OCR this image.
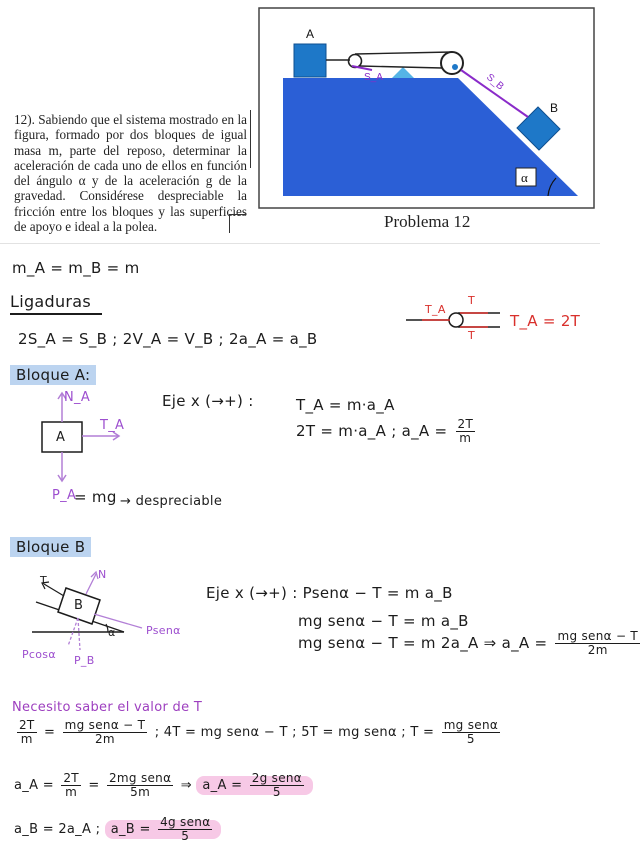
12). Sabiendo que el sistema mostrado en la figura, formado por dos bloques de igual masa m, parte del reposo, determinar la aceleración de cada uno de ellos en función del ángulo α y de la aceleración g de la gravedad. Considérese despreciable la fricción entre los bloques y las superficies de apoyo e ideal a la polea.
A
B
S_A	S_B
α
Problema 12
m_A = m_B = m
Ligaduras
2S_A = S_B ; 2V_A = V_B ; 2a_A = a_B
T_A
T
T
T_A = 2T
Bloque A:
A
N_A
T_A
P_A
= mg → despreciable
Eje x (→+) :	T_A = m·a_A
2T = m·a_A ; a_A = $\frac{2T}{m}$
Bloque B
B
T	N
Psenα
Pcosα P_B
α
Eje x (→+) : Psenα − T = m a_B
mg senα − T = m a_B
mg senα − T = m 2a_A ⇒ a_A = $\frac{\text{mg senα − T}}{2m}$
Necesito saber el valor de T
$\frac{2T}{m} = \frac{\text{mg senα − T}}{2m}$ ; 4T = mg senα − T ; 5T = mg senα ; $T = \frac{\text{mg senα}}{5}$
a_A = $\frac{2T}{m} = \frac{\text{2mg senα}}{5m}$ ⇒ a_A = $\frac{\text{2g senα}}{5}$
a_B = 2a_A ; a_B = $\frac{\text{4g senα}}{5}$
